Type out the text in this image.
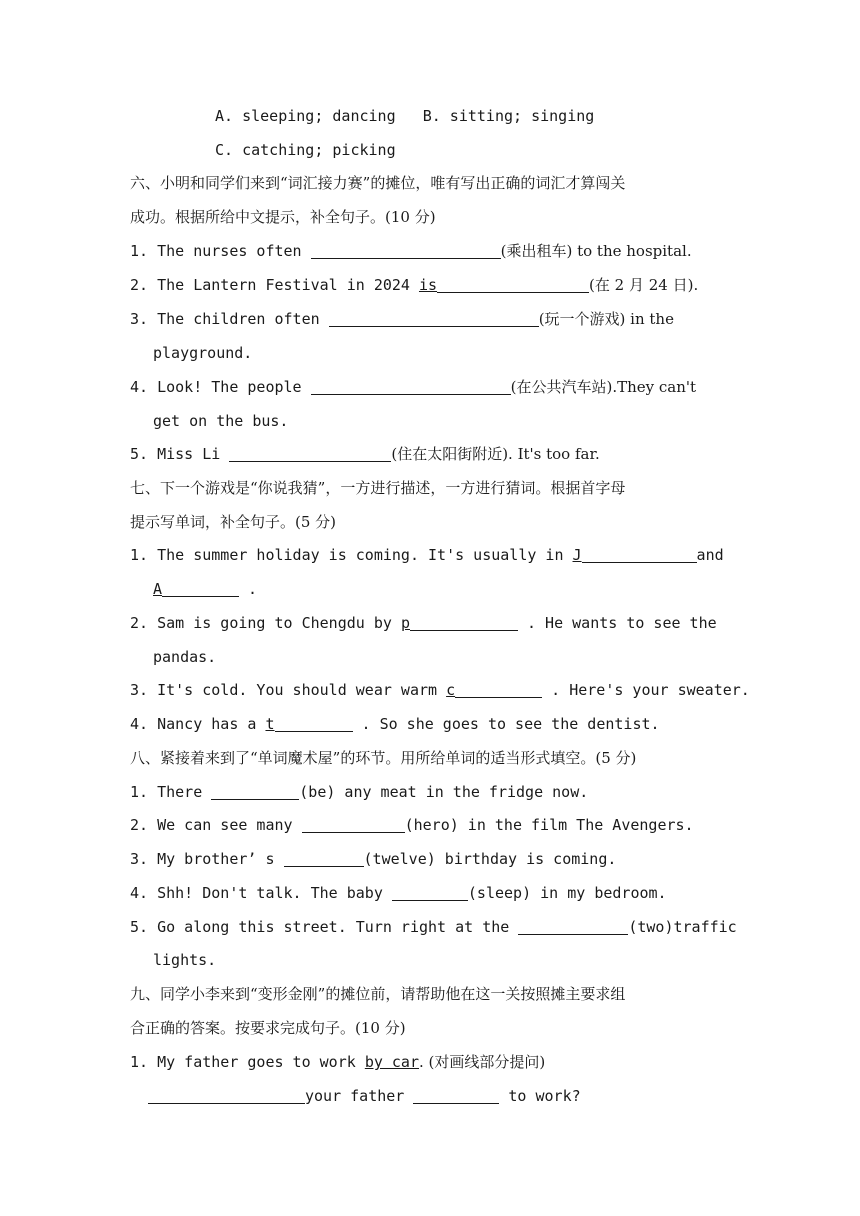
A. sleeping; dancing B. sitting; singing
C. catching; picking
六、小明和同学们来到“词汇接力赛”的摊位，唯有写出正确的词汇才算闯关
成功。根据所给中文提示，补全句子。(10 分)
1. The nurses often	(乘出租车) to the hospital.
2. The Lantern Festival in 2024 is	(在 2 月 24 日).
3. The children often	(玩一个游戏) in the
playground.
4. Look! The people	(在公共汽车站).They can't
get on the bus.
5. Miss Li	(住在太阳街附近). It's too far.
七、下一个游戏是“你说我猜”，一方进行描述，一方进行猜词。根据首字母
提示写单词，补全句子。(5 分)
1. The summer holiday is coming. It's usually in J	and
A	.
2. Sam is going to Chengdu by p	. He wants to see the
pandas.
3. It's cold. You should wear warm c	. Here's your sweater.
4. Nancy has a t	. So she goes to see the dentist.
八、紧接着来到了“单词魔术屋”的环节。用所给单词的适当形式填空。(5 分)
1. There	(be) any meat in the fridge now.
2. We can see many	(hero) in the film The Avengers.
3. My brother’ s	(twelve) birthday is coming.
4. Shh! Don't talk. The baby	(sleep) in my bedroom.
5. Go along this street. Turn right at the	(two)traffic
lights.
九、同学小李来到“变形金刚”的摊位前，请帮助他在这一关按照摊主要求组
合正确的答案。按要求完成句子。(10 分)
1. My father goes to work by car. (对画线部分提问)
your father	to work?
